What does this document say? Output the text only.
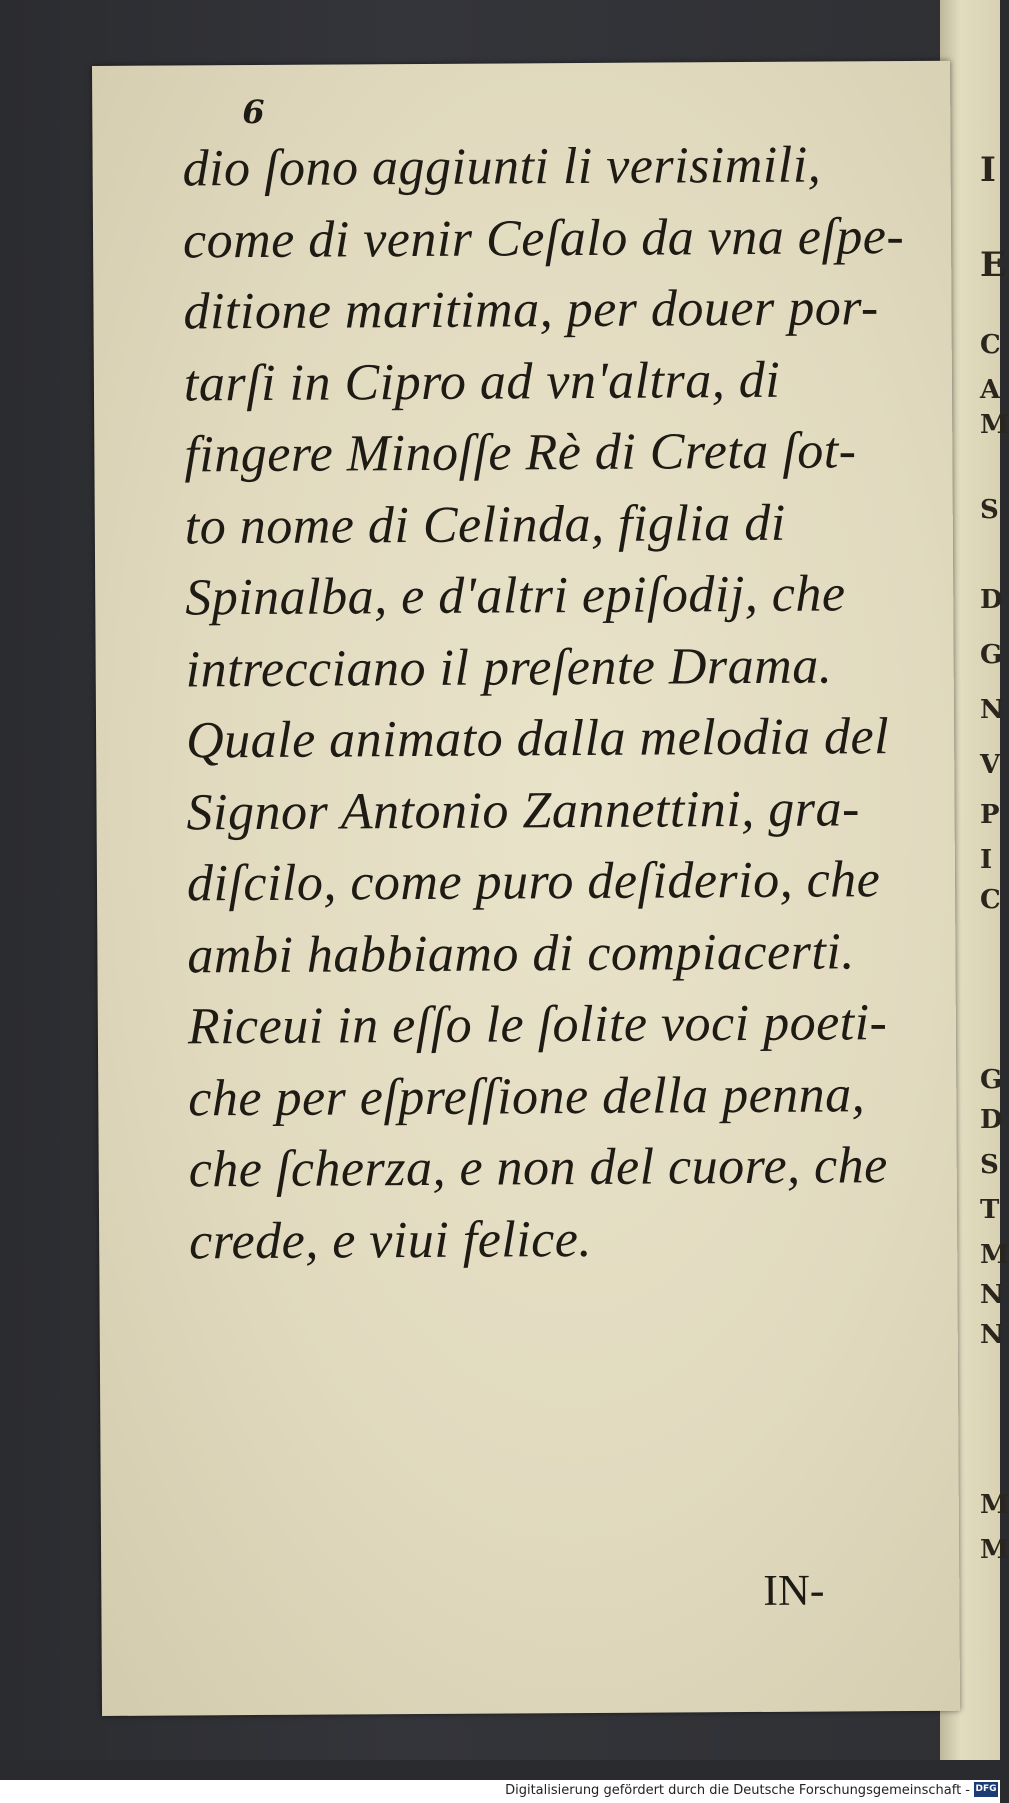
I
E
C
A
M
S
D
G
N
V
P
I
C
G
D
S
T
M
N
N
M
M
6
dio ſono aggiunti li verisimili,
come di venir Ceſalo da vna eſpe-
ditione maritima, per douer por-
tarſi in Cipro ad vn'altra, di
fingere Minoſſe Rè di Creta ſot-
to nome di Celinda, figlia di
Spinalba, e d'altri epiſodij, che
intrecciano il preſente Drama.
Quale animato dalla melodia del
Signor Antonio Zannettini, gra-
diſcilo, come puro deſiderio, che
ambi habbiamo di compiacerti.
Riceui in eſſo le ſolite voci poeti-
che per eſpreſſione della penna,
che ſcherza, e non del cuore, che
crede, e viui felice.
IN-
Digitalisierung gefördert durch die Deutsche Forschungsgemeinschaft - DFG
